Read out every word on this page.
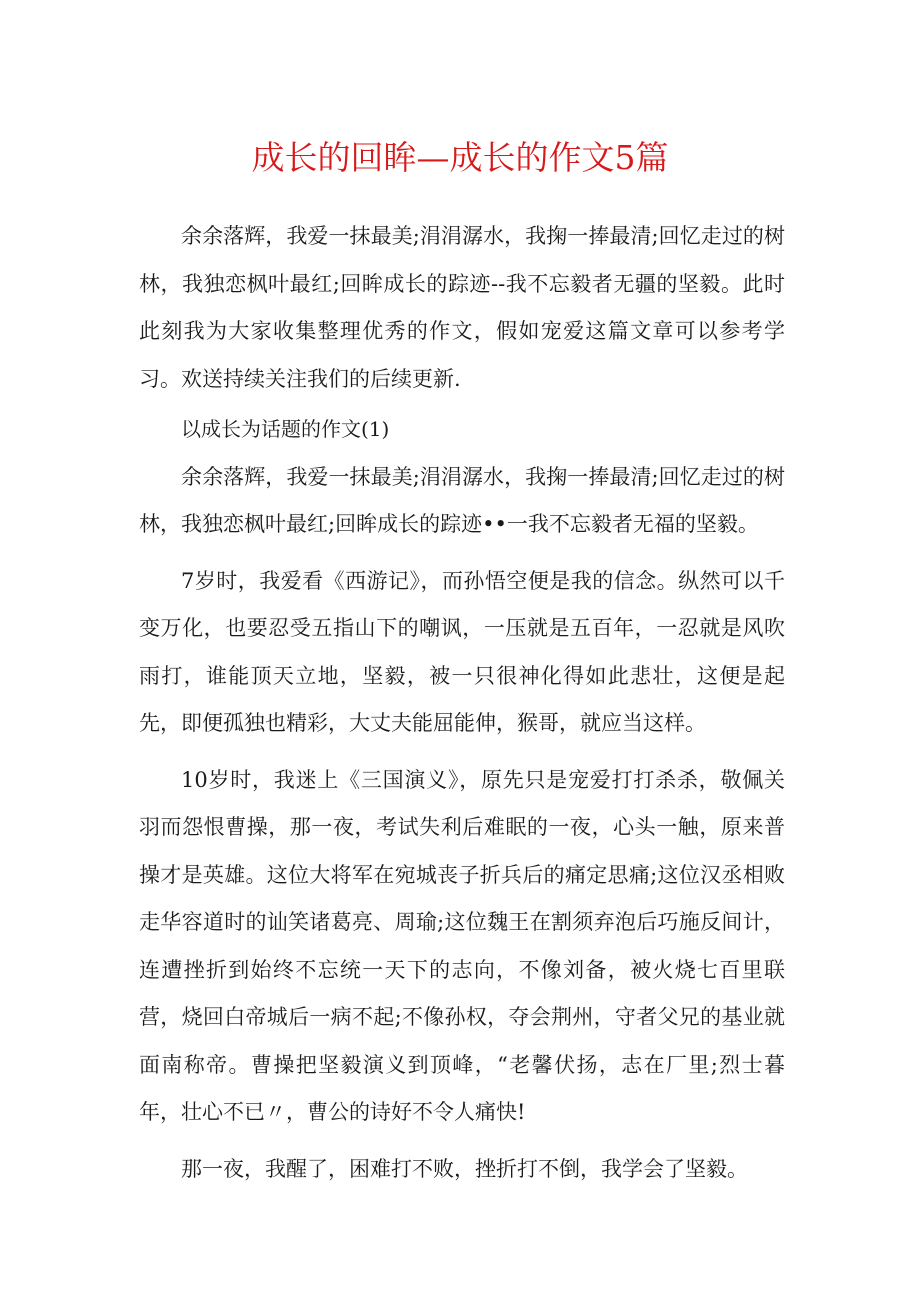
成长的回眸—成长的作文5篇

余余落辉，我爱一抹最美;涓涓潺水，我掬一捧最清;回忆走过的树林，我独恋枫叶最红;回眸成长的踪迹--我不忘毅者无疆的坚毅。此时此刻我为大家收集整理优秀的作文，假如宠爱这篇文章可以参考学习。欢送持续关注我们的后续更新.

以成长为话题的作文(1)

余余落辉，我爱一抹最美;涓涓潺水，我掬一捧最清;回忆走过的树林，我独恋枫叶最红;回眸成长的踪迹••一我不忘毅者无福的坚毅。

7岁时，我爱看《西游记》，而孙悟空便是我的信念。纵然可以千变万化，也要忍受五指山下的嘲讽，一压就是五百年，一忍就是风吹雨打，谁能顶天立地，坚毅，被一只很神化得如此悲壮，这便是起先，即便孤独也精彩，大丈夫能屈能伸，猴哥，就应当这样。

10岁时，我迷上《三国演义》，原先只是宠爱打打杀杀，敬佩关羽而怨恨曹操，那一夜，考试失利后难眠的一夜，心头一触，原来普操才是英雄。这位大将军在宛城丧子折兵后的痛定思痛;这位汉丞相败走华容道时的讪笑诸葛亮、周瑜;这位魏王在割须弃泡后巧施反间计，连遭挫折到始终不忘统一天下的志向，不像刘备，被火烧七百里联营，烧回白帝城后一病不起;不像孙权，夺会荆州，守者父兄的基业就面南称帝。曹操把坚毅演义到顶峰，“老馨伏扬，志在厂里;烈士暮年，壮心不已〃，曹公的诗好不令人痛快!

那一夜，我醒了，困难打不败，挫折打不倒，我学会了坚毅。
